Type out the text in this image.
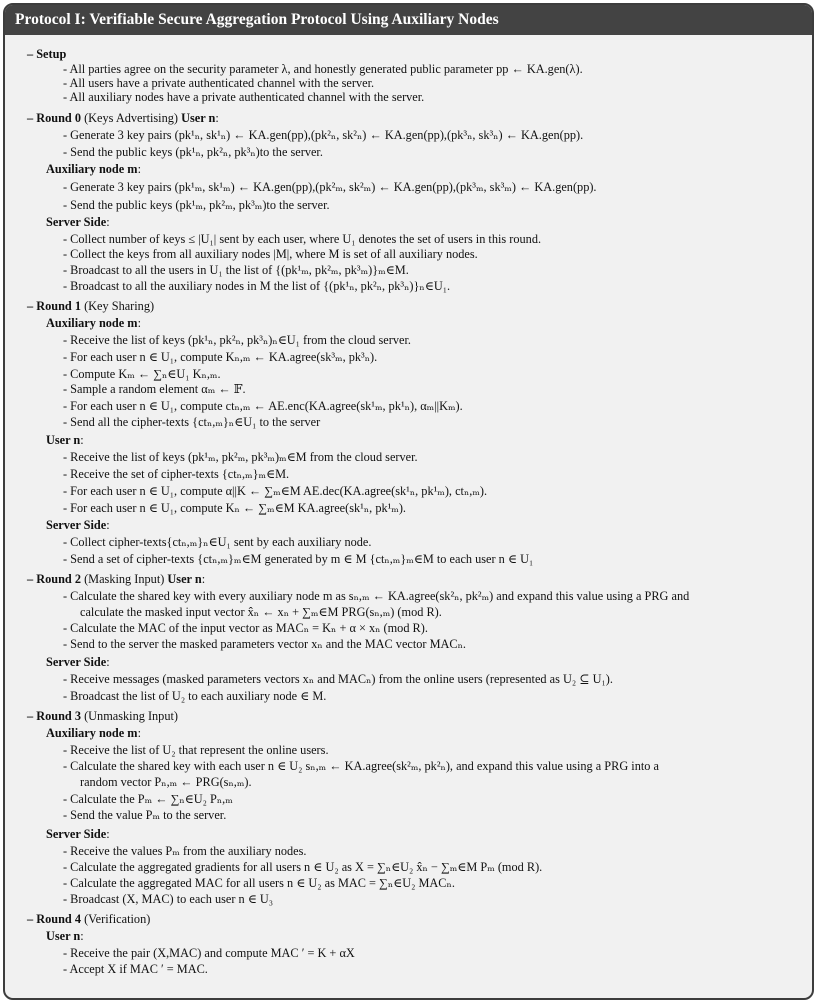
Protocol I: Verifiable Secure Aggregation Protocol Using Auxiliary Nodes
– Setup
- All parties agree on the security parameter λ, and honestly generated public parameter pp ← KA.gen(λ).
- All users have a private authenticated channel with the server.
- All auxiliary nodes have a private authenticated channel with the server.
– Round 0 (Keys Advertising) User n:
- Generate 3 key pairs (pk¹ₙ, sk¹ₙ) ← KA.gen(pp),(pk²ₙ, sk²ₙ) ← KA.gen(pp),(pk³ₙ, sk³ₙ) ← KA.gen(pp).
- Send the public keys (pk¹ₙ, pk²ₙ, pk³ₙ)to the server.
Auxiliary node m:
- Generate 3 key pairs (pk¹ₘ, sk¹ₘ) ← KA.gen(pp),(pk²ₘ, sk²ₘ) ← KA.gen(pp),(pk³ₘ, sk³ₘ) ← KA.gen(pp).
- Send the public keys (pk¹ₘ, pk²ₘ, pk³ₘ)to the server.
Server Side:
- Collect number of keys ≤ |U₁| sent by each user, where U₁ denotes the set of users in this round.
- Collect the keys from all auxiliary nodes |M|, where M is set of all auxiliary nodes.
- Broadcast to all the users in U₁ the list of {(pk¹ₘ, pk²ₘ, pk³ₘ)}ₘ∈M.
- Broadcast to all the auxiliary nodes in M the list of {(pk¹ₙ, pk²ₙ, pk³ₙ)}ₙ∈U₁.
– Round 1 (Key Sharing)
Auxiliary node m:
- Receive the list of keys (pk¹ₙ, pk²ₙ, pk³ₙ)ₙ∈U₁ from the cloud server.
- For each user n ∈ U₁, compute Kₙ,ₘ ← KA.agree(sk³ₘ, pk³ₙ).
- Compute Kₘ ← ∑ₙ∈U₁ Kₙ,ₘ.
- Sample a random element αₘ ← 𝔽.
- For each user n ∈ U₁, compute ctₙ,ₘ ← AE.enc(KA.agree(sk¹ₘ, pk¹ₙ), αₘ||Kₘ).
- Send all the cipher-texts {ctₙ,ₘ}ₙ∈U₁ to the server
User n:
- Receive the list of keys (pk¹ₘ, pk²ₘ, pk³ₘ)ₘ∈M from the cloud server.
- Receive the set of cipher-texts {ctₙ,ₘ}ₘ∈M.
- For each user n ∈ U₁, compute α||K ← ∑ₘ∈M AE.dec(KA.agree(sk¹ₙ, pk¹ₘ), ctₙ,ₘ).
- For each user n ∈ U₁, compute Kₙ ← ∑ₘ∈M KA.agree(sk¹ₙ, pk¹ₘ).
Server Side:
- Collect cipher-texts{ctₙ,ₘ}ₙ∈U₁ sent by each auxiliary node.
- Send a set of cipher-texts {ctₙ,ₘ}ₘ∈M generated by m ∈ M {ctₙ,ₘ}ₘ∈M to each user n ∈ U₁
– Round 2 (Masking Input) User n:
- Calculate the shared key with every auxiliary node m as sₙ,ₘ ← KA.agree(sk²ₙ, pk²ₘ) and expand this value using a PRG and
calculate the masked input vector x̂ₙ ← xₙ + ∑ₘ∈M PRG(sₙ,ₘ) (mod R).
- Calculate the MAC of the input vector as MACₙ = Kₙ + α × xₙ (mod R).
- Send to the server the masked parameters vector xₙ and the MAC vector MACₙ.
Server Side:
- Receive messages (masked parameters vectors xₙ and MACₙ) from the online users (represented as U₂ ⊆ U₁).
- Broadcast the list of U₂ to each auxiliary node ∈ M.
– Round 3 (Unmasking Input)
Auxiliary node m:
- Receive the list of U₂ that represent the online users.
- Calculate the shared key with each user n ∈ U₂ sₙ,ₘ ← KA.agree(sk²ₘ, pk²ₙ), and expand this value using a PRG into a
random vector Pₙ,ₘ ← PRG(sₙ,ₘ).
- Calculate the Pₘ ← ∑ₙ∈U₂ Pₙ,ₘ
- Send the value Pₘ to the server.
Server Side:
- Receive the values Pₘ from the auxiliary nodes.
- Calculate the aggregated gradients for all users n ∈ U₂ as X = ∑ₙ∈U₂ x̂ₙ − ∑ₘ∈M Pₘ (mod R).
- Calculate the aggregated MAC for all users n ∈ U₂ as MAC = ∑ₙ∈U₂ MACₙ.
- Broadcast (X, MAC) to each user n ∈ U₃
– Round 4 (Verification)
User n:
- Receive the pair (X,MAC) and compute MAC ′ = K + αX
- Accept X if MAC ′ = MAC.
